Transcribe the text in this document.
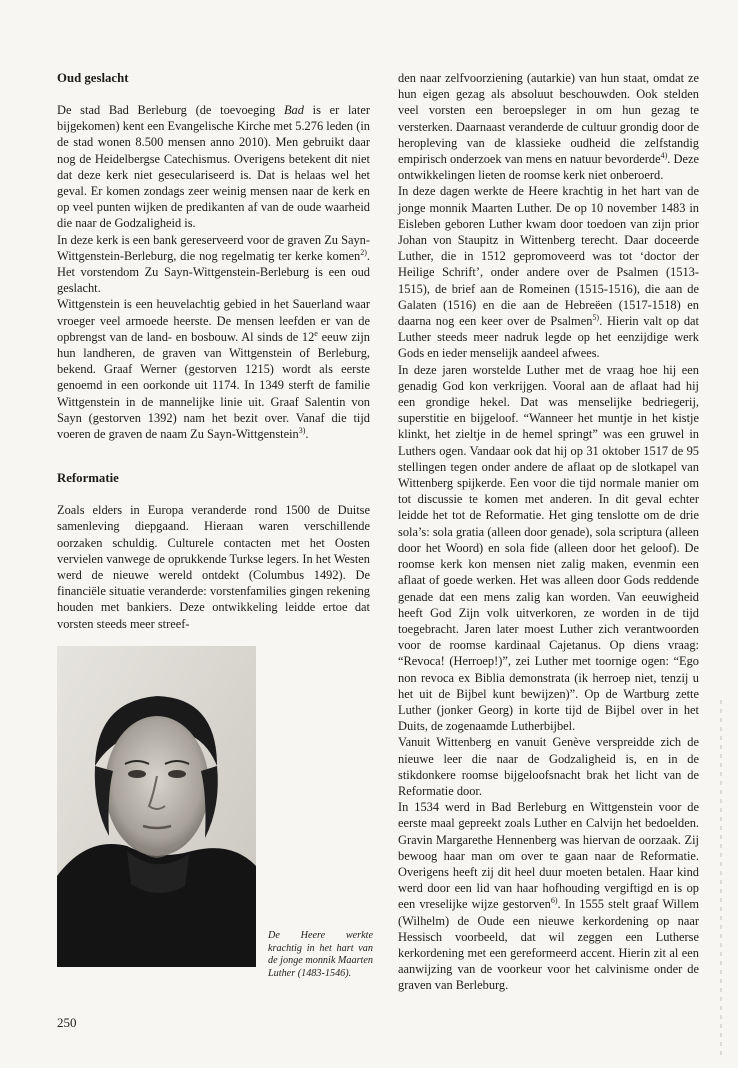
Oud geslacht

De stad Bad Berleburg (de toevoeging Bad is er later bijgekomen) kent een Evangelische Kirche met 5.276 leden (in de stad wonen 8.500 mensen anno 2010). Men gebruikt daar nog de Heidelbergse Catechismus. Overigens betekent dit niet dat deze kerk niet geseculariseerd is. Dat is helaas wel het geval. Er komen zondags zeer weinig mensen naar de kerk en op veel punten wijken de predikanten af van de oude waarheid die naar de Godzaligheid is.

In deze kerk is een bank gereserveerd voor de graven Zu Sayn-Wittgenstein-Berleburg, die nog regelmatig ter kerke komen$^{2)}$. Het vorstendom Zu Sayn-Wittgenstein-Berleburg is een oud geslacht.

Wittgenstein is een heuvelachtig gebied in het Sauerland waar vroeger veel armoede heerste. De mensen leefden er van de opbrengst van de land- en bosbouw. Al sinds de 12e eeuw zijn hun landheren, de graven van Wittgenstein of Berleburg, bekend. Graaf Werner (gestorven 1215) wordt als eerste genoemd in een oorkonde uit 1174. In 1349 sterft de familie Wittgenstein in de mannelijke linie uit. Graaf Salentin von Sayn (gestorven 1392) nam het bezit over. Vanaf die tijd voeren de graven de naam Zu Sayn-Wittgenstein$^{3)}$.

Reformatie

Zoals elders in Europa veranderde rond 1500 de Duitse samenleving diepgaand. Hieraan waren verschillende oorzaken schuldig. Culturele contacten met het Oosten vervielen vanwege de oprukkende Turkse legers. In het Westen werd de nieuwe wereld ontdekt (Columbus 1492). De financiële situatie veranderde: vorstenfamilies gingen rekening houden met bankiers. Deze ontwikkeling leidde ertoe dat vorsten steeds meer streef-

De Heere werkte krachtig in het hart van de jonge monnik Maarten Luther (1483-1546).

den naar zelfvoorziening (autarkie) van hun staat, omdat ze hun eigen gezag als absoluut beschouwden. Ook stelden veel vorsten een beroepsleger in om hun gezag te versterken. Daarnaast veranderde de cultuur grondig door de heropleving van de klassieke oudheid die zelfstandig empirisch onderzoek van mens en natuur bevorderde$^{4)}$. Deze ontwikkelingen lieten de roomse kerk niet onberoerd.

In deze dagen werkte de Heere krachtig in het hart van de jonge monnik Maarten Luther. De op 10 november 1483 in Eisleben geboren Luther kwam door toedoen van zijn prior Johan von Staupitz in Wittenberg terecht. Daar doceerde Luther, die in 1512 gepromoveerd was tot ‘doctor der Heilige Schrift’, onder andere over de Psalmen (1513-1515), de brief aan de Romeinen (1515-1516), die aan de Galaten (1516) en die aan de Hebreëen (1517-1518) en daarna nog een keer over de Psalmen$^{5)}$. Hierin valt op dat Luther steeds meer nadruk legde op het eenzijdige werk Gods en ieder menselijk aandeel afwees.

In deze jaren worstelde Luther met de vraag hoe hij een genadig God kon verkrijgen. Vooral aan de aflaat had hij een grondige hekel. Dat was menselijke bedriegerij, superstitie en bijgeloof. “Wanneer het muntje in het kistje klinkt, het zieltje in de hemel springt” was een gruwel in Luthers ogen. Vandaar ook dat hij op 31 oktober 1517 de 95 stellingen tegen onder andere de aflaat op de slotkapel van Wittenberg spijkerde. Een voor die tijd normale manier om tot discussie te komen met anderen. In dit geval echter leidde het tot de Reformatie. Het ging tenslotte om de drie sola’s: sola gratia (alleen door genade), sola scriptura (alleen door het Woord) en sola fide (alleen door het geloof). De roomse kerk kon mensen niet zalig maken, evenmin een aflaat of goede werken. Het was alleen door Gods reddende genade dat een mens zalig kan worden. Van eeuwigheid heeft God Zijn volk uitverkoren, ze worden in de tijd toegebracht. Jaren later moest Luther zich verantwoorden voor de roomse kardinaal Cajetanus. Op diens vraag: “Revoca! (Herroep!)”, zei Luther met toornige ogen: “Ego non revoca ex Biblia demonstrata (ik herroep niet, tenzij u het uit de Bijbel kunt bewijzen)”. Op de Wartburg zette Luther (jonker Georg) in korte tijd de Bijbel over in het Duits, de zogenaamde Lutherbijbel.

Vanuit Wittenberg en vanuit Genève verspreidde zich de nieuwe leer die naar de Godzaligheid is, en in de stikdonkere roomse bijgeloofsnacht brak het licht van de Reformatie door.

In 1534 werd in Bad Berleburg en Wittgenstein voor de eerste maal gepreekt zoals Luther en Calvijn het bedoelden. Gravin Margarethe Hennenberg was hiervan de oorzaak. Zij bewoog haar man om over te gaan naar de Reformatie. Overigens heeft zij dit heel duur moeten betalen. Haar kind werd door een lid van haar hofhouding vergiftigd en is op een vreselijke wijze gestorven$^{6)}$. In 1555 stelt graaf Willem (Wilhelm) de Oude een nieuwe kerkordening op naar Hessisch voorbeeld, dat wil zeggen een Lutherse kerkordening met een gereformeerd accent. Hierin zit al een aanwijzing van de voorkeur voor het calvinisme onder de graven van Berleburg.

250
